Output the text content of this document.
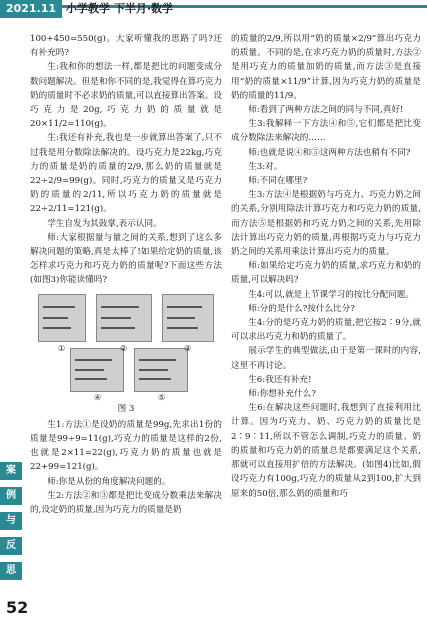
2021.11 小学教学 下半月·数学

100+450=550(g)。大家听懂我的思路了吗?还有补充吗?

生:我和你的想法一样,都是把比的问题变成分数问题解决。但是和你不同的是,我觉得在算巧克力奶的质量时不必求奶的质量,可以直接算出答案。设巧克力是20g,巧克力奶的质量就是20×11/2=110(g)。

生:我还有补充,我也是一步就算出答案了,只不过我是用分数除法解决的。设巧克力是22kg,巧克力的质量是奶的质量的2/9,那么奶的质量就是22÷2/9=99(g)。同时,巧克力的质量又是巧克力奶的质量的2/11,所以巧克力奶的质量就是22÷2/11=121(g)。

学生自发为其鼓掌,表示认同。

师:大家根据量与量之间的关系,想到了这么多解决问题的策略,真是太棒了!如果给定奶的质量,该怎样求巧克力和巧克力奶的质量呢?下面这些方法(如图3)你能读懂吗?

①	②	③
④	⑤
图 3

生1:方法①是设奶的质量是99g,先求出1份的质量是99÷9=11(g),巧克力的质量是这样的2份,也就是2×11=22(g),巧克力奶的质量也就是22+99=121(g)。

师:你是从份的角度解决问题的。

生2:方法②和③都是把比变成分数乘法来解决的,设定奶的质量,因为巧克力的质量是奶

的质量的2/9,所以用“奶的质量×2/9”算出巧克力的质量。不同的是,在求巧克力奶的质量时,方法②是用巧克力的质量加奶的质量,而方法③是直接用“奶的质量×11/9”计算,因为巧克力奶的质量是奶的质量的11/9。

师:看到了两种方法之间的同与不同,真好!

生3:我解释一下方法④和⑤,它们都是把比变成分数除法来解决的……

师:也就是说④和⑤这两种方法也稍有不同?

生3:对。

师:不同在哪里?

生3:方法④是根据奶与巧克力、巧克力奶之间的关系,分别用除法计算巧克力和巧克力奶的质量,而方法⑤是根据奶和巧克力奶之间的关系,先用除法计算出巧克力奶的质量,再根据巧克力与巧克力奶之间的关系用乘法计算出巧克力的质量。

师:如果给定巧克力奶的质量,求巧克力和奶的质量,可以解决吗?

生4:可以,就是上节课学习的按比分配问题。

师:分的是什么?按什么比分?

生4:分的是巧克力奶的质量,把它按2∶9分,就可以求出巧克力和奶的质量了。

展示学生的典型做法,由于是第一课时的内容,这里不再讨论。

生6:我还有补充!

师:你想补充什么?

生6:在解决这些问题时,我想到了直接利用比计算。因为巧克力、奶、巧克力奶的质量比是2∶9∶11,所以不管怎么调制,巧克力的质量、奶的质量和巧克力奶的质量总是都要满足这个关系,那就可以直接用扩倍的方法解决。(如图4)比如,假设巧克力有100g,巧克力的质量从2到100,扩大到原来的50倍,那么奶的质量和巧

案
例
与
反
思
52
